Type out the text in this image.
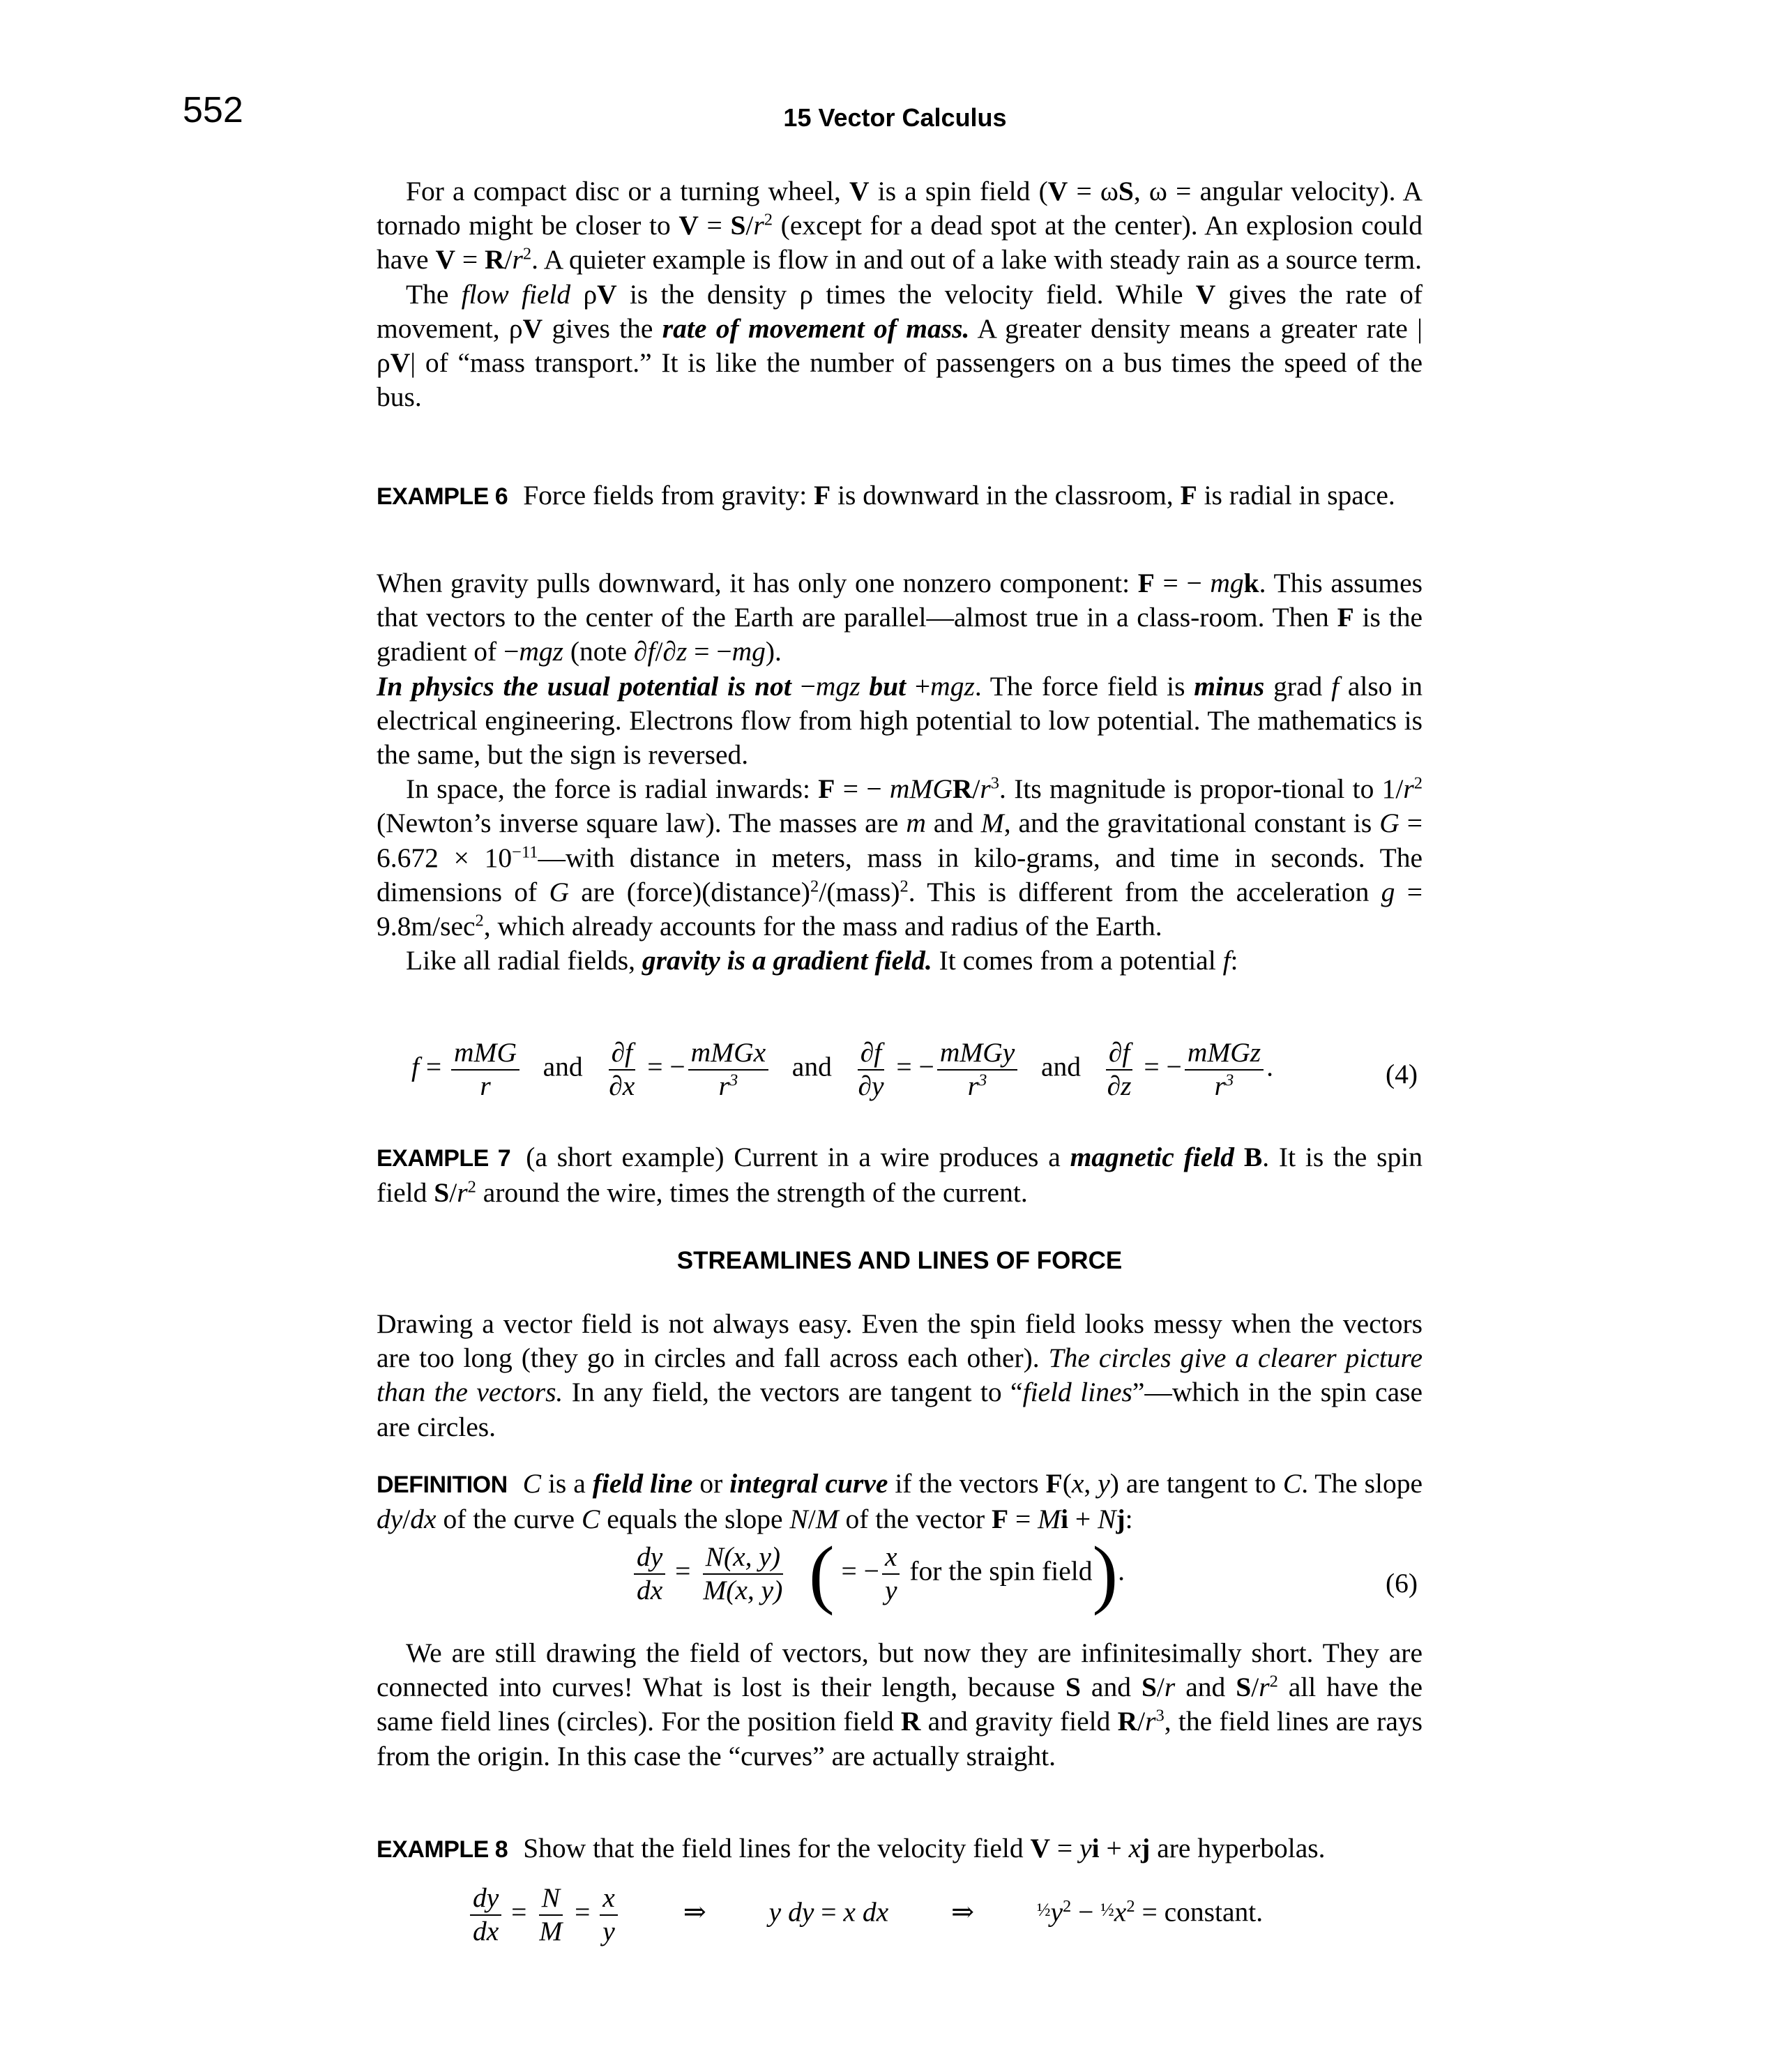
552	15 Vector Calculus

For a compact disc or a turning wheel, V is a spin field (V = ωS, ω = angular velocity). A tornado might be closer to $V = S/r^2$ (except for a dead spot at the center). An explosion could have $V = R/r^2$. A quieter example is flow in and out of a lake with steady rain as a source term.

The flow field ρV is the density ρ times the velocity field. While V gives the rate of movement, ρV gives the rate of movement of mass. A greater density means a greater rate |ρV| of “mass transport.” It is like the number of passengers on a bus times the speed of the bus.

EXAMPLE 6 Force fields from gravity: F is downward in the classroom, F is radial in space.

When gravity pulls downward, it has only one nonzero component: F = − mgk. This assumes that vectors to the center of the Earth are parallel—almost true in a class-room. Then F is the gradient of −mgz (note ∂f/∂z = −mg).

In physics the usual potential is not −mgz but +mgz. The force field is minus grad f also in electrical engineering. Electrons flow from high potential to low potential. The mathematics is the same, but the sign is reversed.

In space, the force is radial inwards: F = − mMGR/$r^3$. Its magnitude is propor-tional to $1/r^2$ (Newton’s inverse square law). The masses are m and M, and the gravitational constant is $G = 6.672 \times 10^{-11}—with$ distance in meters, mass in kilo-grams, and time in seconds. The dimensions of G are (force)(distance)$^2$/(mass)$^2$. This is different from the acceleration $g = 9.8m/\sec^2$, which already accounts for the mass and radius of the Earth.

Like all radial fields, gravity is a gradient field. It comes from a potential f:

$f = \frac{\text{mMG}}{r}$ and $\frac{\partial f}{\partial x}$ = − $\frac{\text{mMGx}}{r^3}$ and $\frac{\partial f}{\partial y}$ = − $\frac{\text{mMGy}}{r^3}$ and $\frac{\partial f}{\partial z}$ = − $\frac{\text{mMGz}}{r^3}$ .	(4)

EXAMPLE 7 (a short example) Current in a wire produces a magnetic field B. It is the spin field $S/r^2$ around the wire, times the strength of the current.

STREAMLINES AND LINES OF FORCE

Drawing a vector field is not always easy. Even the spin field looks messy when the vectors are too long (they go in circles and fall across each other). The circles give a clearer picture than the vectors. In any field, the vectors are tangent to “field lines”—which in the spin case are circles.

DEFINITION C is a field line or integral curve if the vectors F(x, y) are tangent to C. The slope dy/dx of the curve C equals the slope N/M of the vector F = Mi + Nj:

$\frac{dy}{dx} = \frac{N(x, y)}{M(x, y)}$ ( = − $\frac{x}{y}$ for the spin field).	(6)

We are still drawing the field of vectors, but now they are infinitesimally short. They are connected into curves! What is lost is their length, because S and S/r and $S/r^2$ all have the same field lines (circles). For the position field R and gravity field $R/r^3$, the field lines are rays from the origin. In this case the “curves” are actually straight.

EXAMPLE 8 Show that the field lines for the velocity field V = yi + xj are hyperbolas.

$\frac{dy}{dx} = \frac{N}{M} = \frac{x}{y}$ ⇒ y dy = x dx ⇒	$\frac{1}{2}y^2$ − $\frac{1}{2}x^2$ = constant.
